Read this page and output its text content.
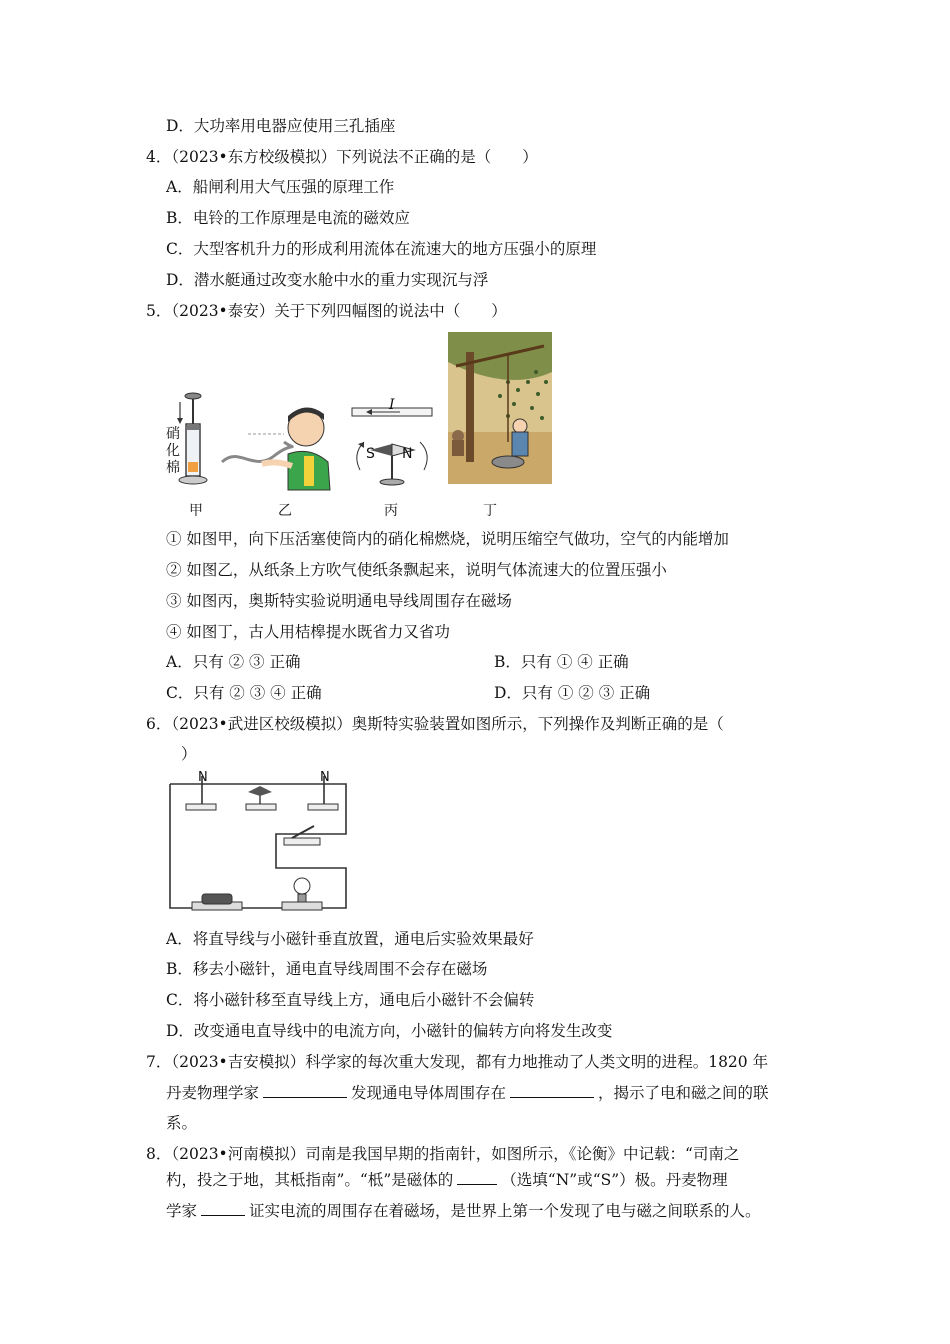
D．大功率用电器应使用三孔插座
4．（2023•东方校级模拟）下列说法不正确的是（　　）
A．船闸利用大气压强的原理工作
B．电铃的工作原理是电流的磁效应
C．大型客机升力的形成利用流体在流速大的地方压强小的原理
D．潜水艇通过改变水舱中水的重力实现沉与浮
5．（2023•泰安）关于下列四幅图的说法中（　　）
硝
化
棉
I
S N
甲	乙	丙	丁
① 如图甲，向下压活塞使筒内的硝化棉燃烧，说明压缩空气做功，空气的内能增加
② 如图乙，从纸条上方吹气使纸条飘起来，说明气体流速大的位置压强小
③ 如图丙，奥斯特实验说明通电导线周围存在磁场
④ 如图丁，古人用桔槔提水既省力又省功
A．只有 ② ③ 正确	B．只有 ① ④ 正确
C．只有 ② ③ ④ 正确	D．只有 ① ② ③ 正确
6．（2023•武进区校级模拟）奥斯特实验装置如图所示，下列操作及判断正确的是（
）
N	N
A．将直导线与小磁针垂直放置，通电后实验效果最好
B．移去小磁针，通电直导线周围不会存在磁场
C．将小磁针移至直导线上方，通电后小磁针不会偏转
D．改变通电直导线中的电流方向，小磁针的偏转方向将发生改变
7．（2023•吉安模拟）科学家的每次重大发现，都有力地推动了人类文明的进程。1820 年
丹麦物理学家	发现通电导体周围存在	，揭示了电和磁之间的联
系。
8．（2023•河南模拟）司南是我国早期的指南针，如图所示，《论衡》中记载：“司南之
杓，投之于地，其柢指南”。“柢”是磁体的	（选填“N”或“S”）极。丹麦物理
学家	证实电流的周围存在着磁场，是世界上第一个发现了电与磁之间联系的人。
